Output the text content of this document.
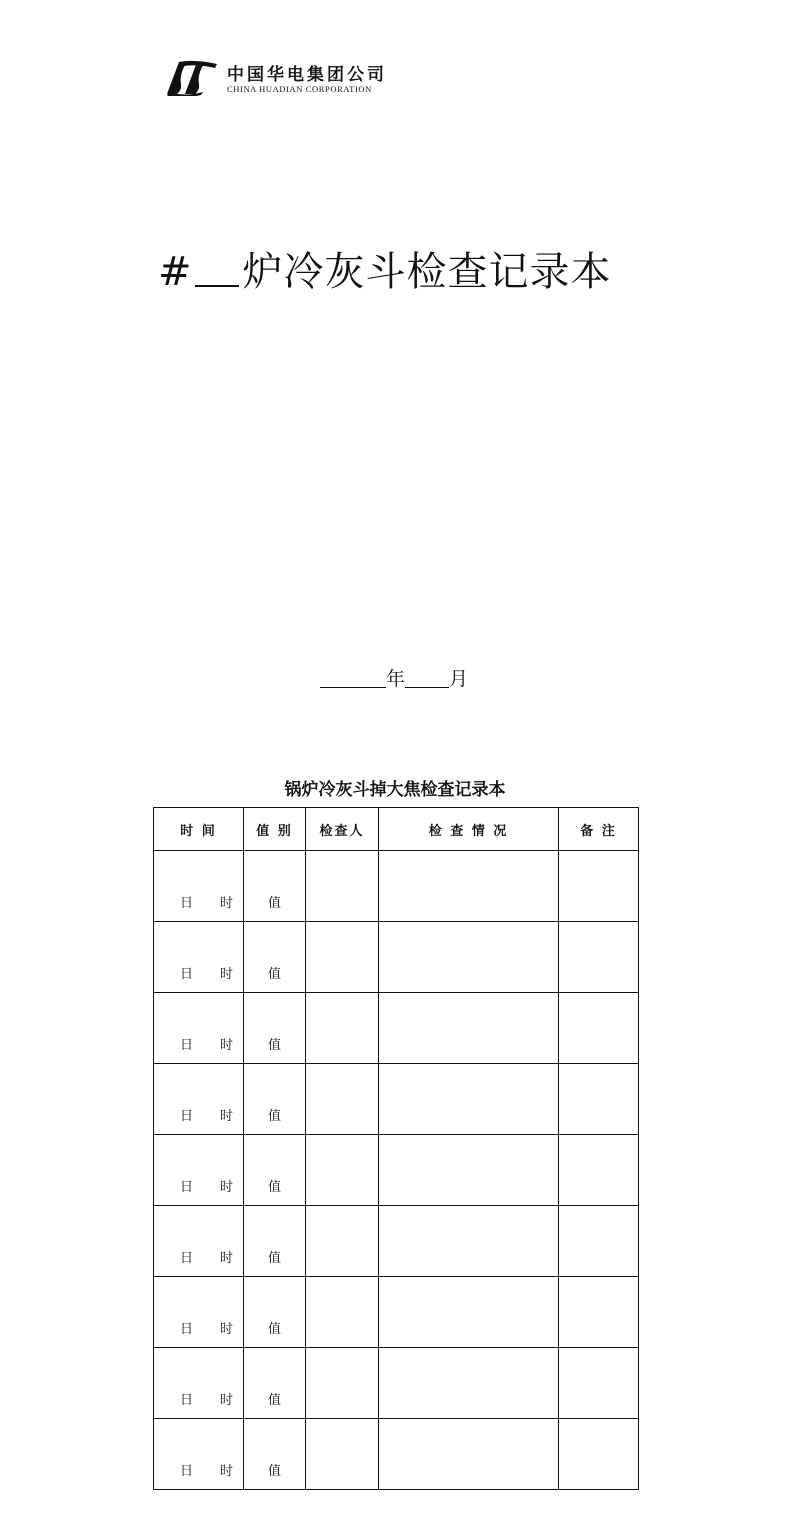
中国华电集团公司
CHINA HUADIAN CORPORATION
# 炉冷灰斗检查记录本
年 月
锅炉冷灰斗掉大焦检查记录本
时 间	值 别	检查人	检 查 情 况	备 注

日 时	值			

日 时	值			

日 时	值			

日 时	值			

日 时	值			

日 时	值			

日 时	值			

日 时	值			

日 时	值			
